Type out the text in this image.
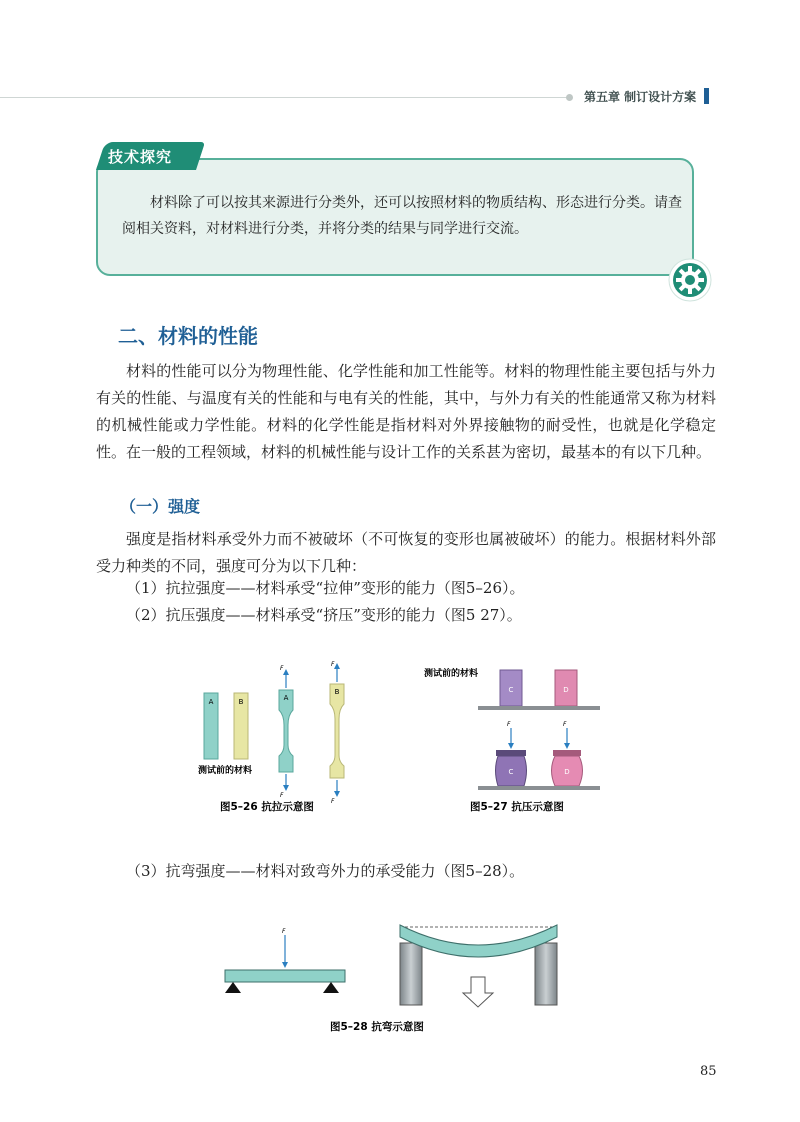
第五章 制订设计方案
技术探究
材料除了可以按其来源进行分类外，还可以按照材料的物质结构、形态进行分类。请查阅相关资料，对材料进行分类，并将分类的结果与同学进行交流。
二、材料的性能
材料的性能可以分为物理性能、化学性能和加工性能等。材料的物理性能主要包括与外力有关的性能、与温度有关的性能和与电有关的性能，其中，与外力有关的性能通常又称为材料的机械性能或力学性能。材料的化学性能是指材料对外界接触物的耐受性，也就是化学稳定性。在一般的工程领域，材料的机械性能与设计工作的关系甚为密切，最基本的有以下几种。
（一）强度
强度是指材料承受外力而不被破坏（不可恢复的变形也属被破坏）的能力。根据材料外部受力种类的不同，强度可分为以下几种：
（1）抗拉强度——材料承受“拉伸”变形的能力（图5–26）。
（2）抗压强度——材料承受“挤压”变形的能力（图5 27）。
A	B
测试前的材料
A
F
F
B
F
F
图5–26 抗拉示意图
测试前的材料
C	D
C
F
D
F
图5–27 抗压示意图
（3）抗弯强度——材料对致弯外力的承受能力（图5–28）。
F
图5–28 抗弯示意图
85
